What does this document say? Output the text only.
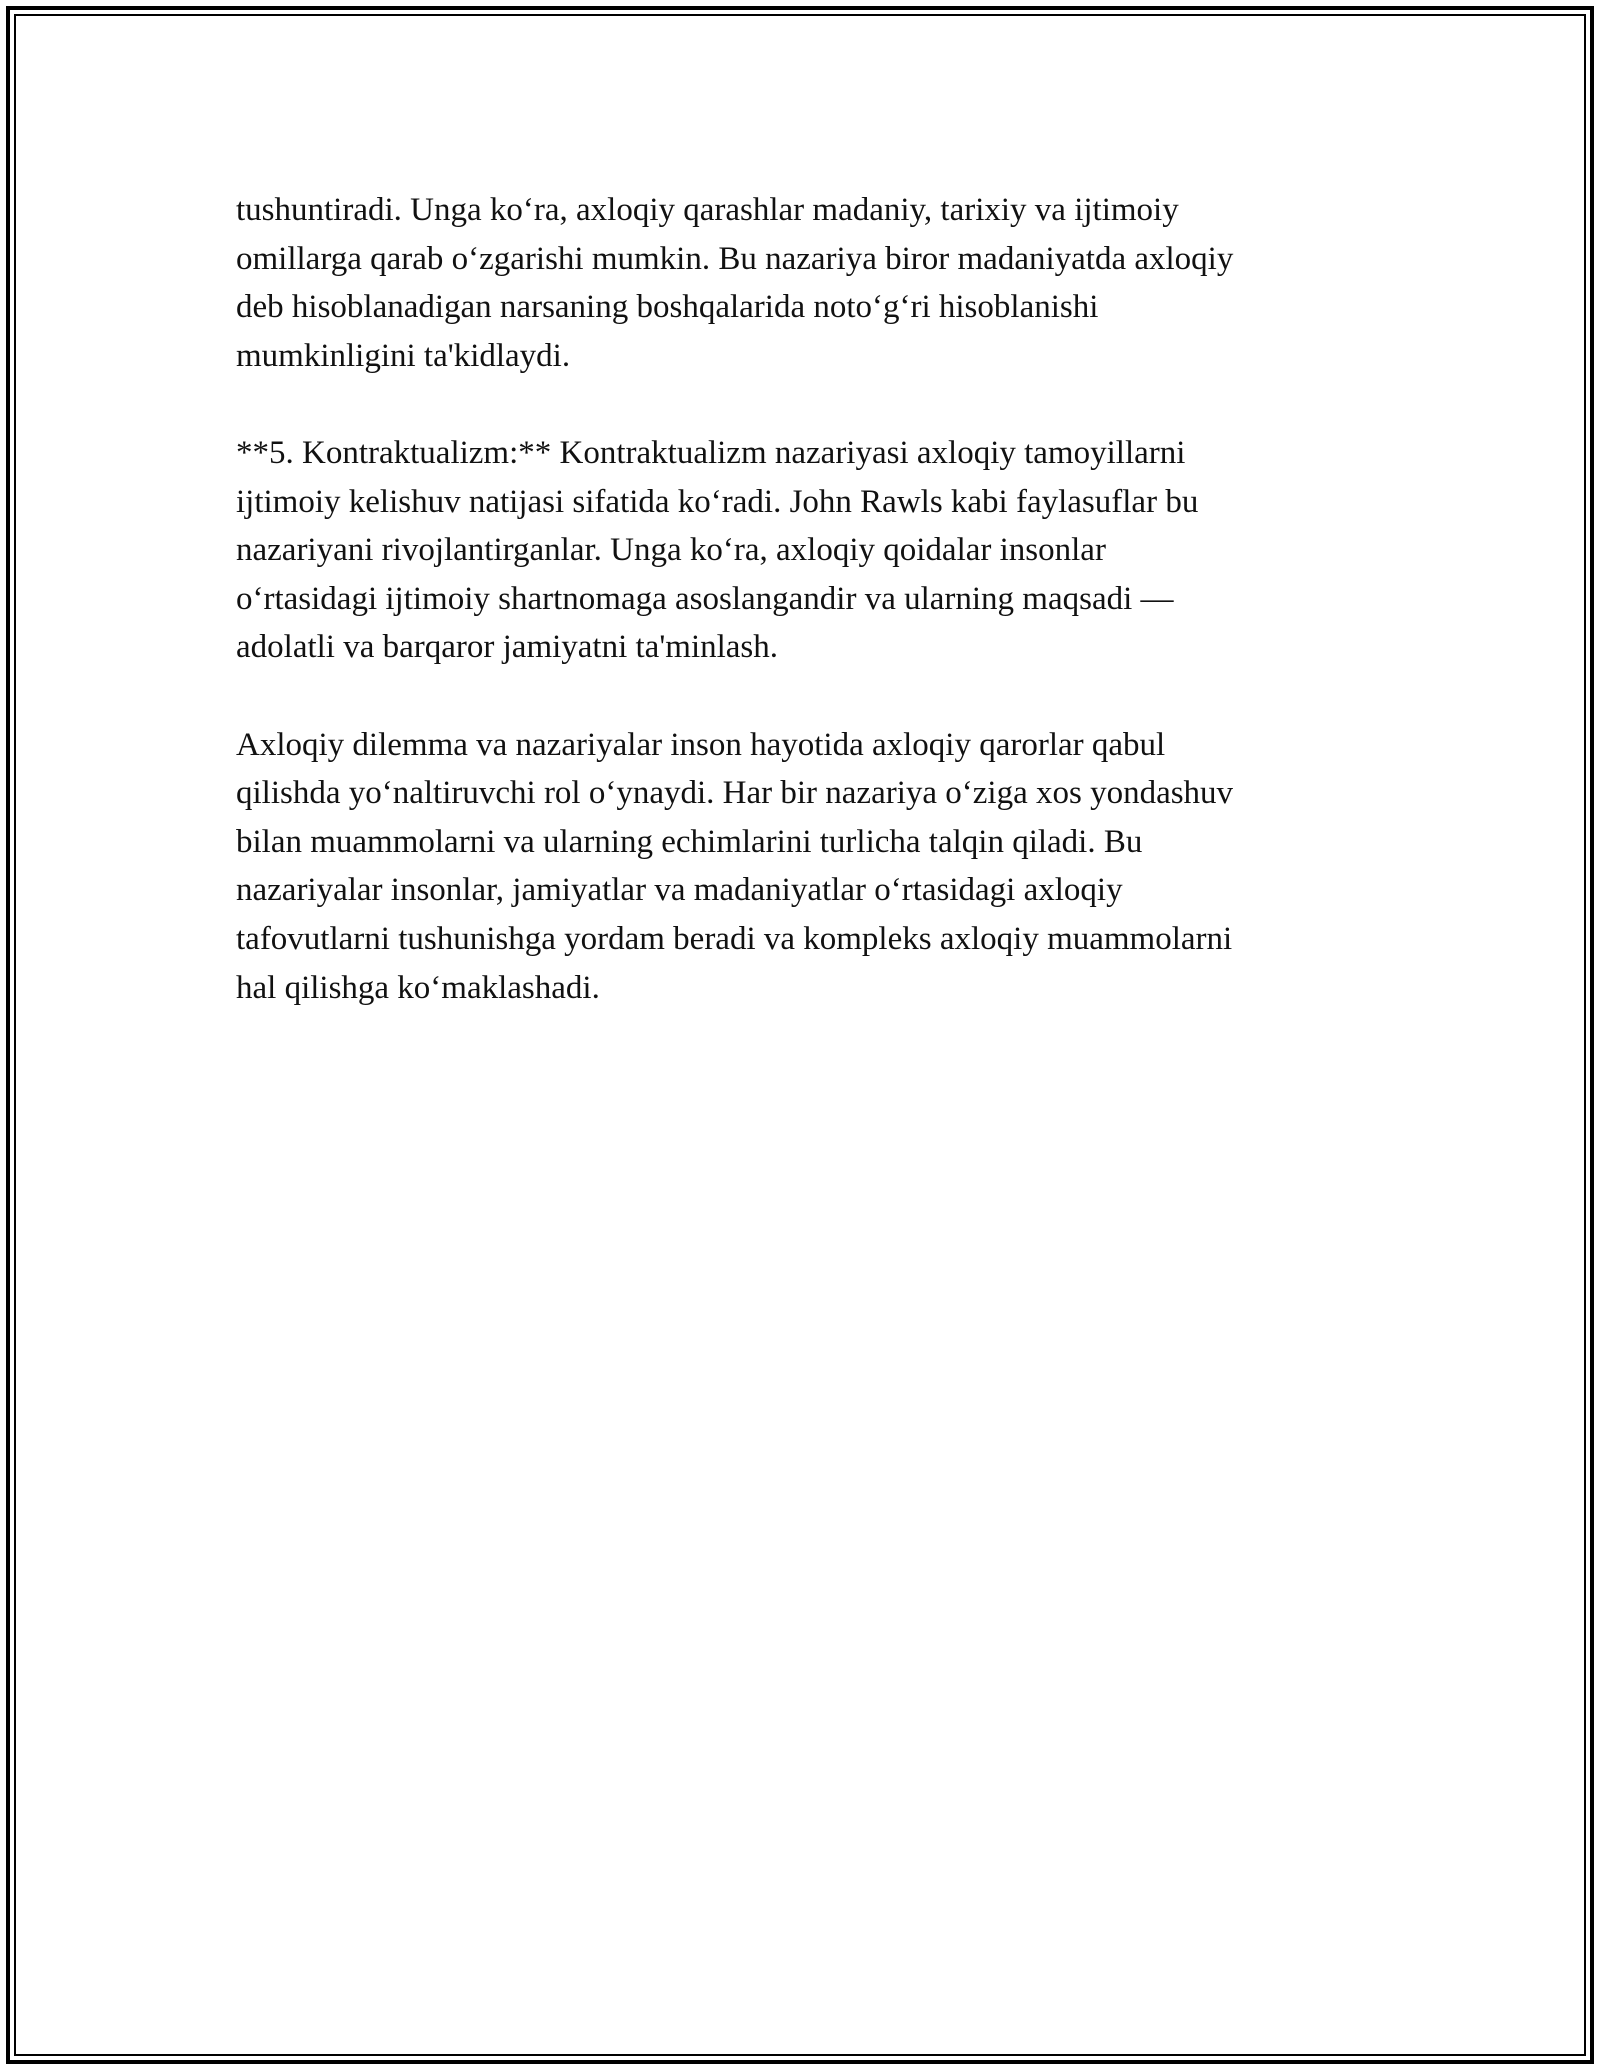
tushuntiradi. Unga ko‘ra, axloqiy qarashlar madaniy, tarixiy va ijtimoiy
omillarga qarab o‘zgarishi mumkin. Bu nazariya biror madaniyatda axloqiy
deb hisoblanadigan narsaning boshqalarida noto‘g‘ri hisoblanishi
mumkinligini ta'kidlaydi.

**5. Kontraktualizm:** Kontraktualizm nazariyasi axloqiy tamoyillarni
ijtimoiy kelishuv natijasi sifatida ko‘radi. John Rawls kabi faylasuflar bu
nazariyani rivojlantirganlar. Unga ko‘ra, axloqiy qoidalar insonlar
o‘rtasidagi ijtimoiy shartnomaga asoslangandir va ularning maqsadi —
adolatli va barqaror jamiyatni ta'minlash.

Axloqiy dilemma va nazariyalar inson hayotida axloqiy qarorlar qabul
qilishda yo‘naltiruvchi rol o‘ynaydi. Har bir nazariya o‘ziga xos yondashuv
bilan muammolarni va ularning echimlarini turlicha talqin qiladi. Bu
nazariyalar insonlar, jamiyatlar va madaniyatlar o‘rtasidagi axloqiy
tafovutlarni tushunishga yordam beradi va kompleks axloqiy muammolarni
hal qilishga ko‘maklashadi.
